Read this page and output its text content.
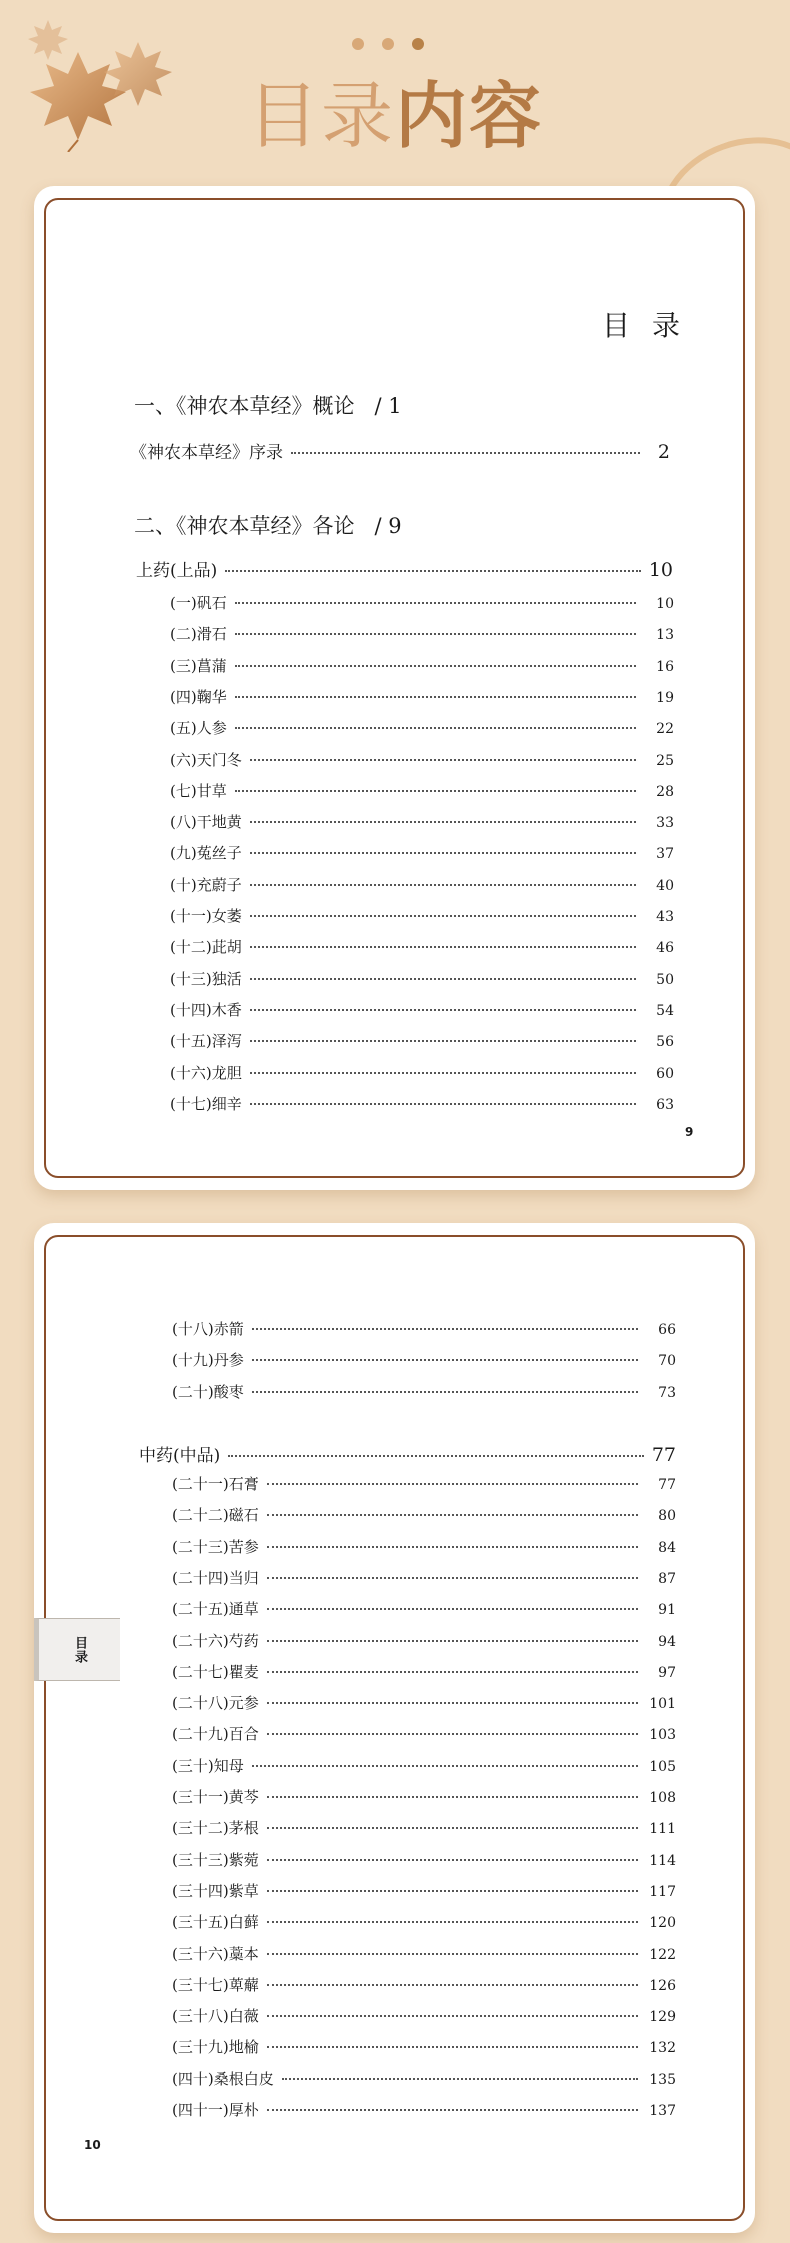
目录内容
目录
一、《神农本草经》概论 / 1
《神农本草经》序录	2
二、《神农本草经》各论 / 9
上药(上品)	10
(一)矾石	10
(二)滑石	13
(三)菖蒲	16
(四)鞠华	19
(五)人参	22
(六)天门冬	25
(七)甘草	28
(八)干地黄	33
(九)菟丝子	37
(十)充蔚子	40
(十一)女萎	43
(十二)茈胡	46
(十三)独活	50
(十四)木香	54
(十五)泽泻	56
(十六)龙胆	60
(十七)细辛	63
9
(十八)赤箭	66
(十九)丹参	70
(二十)酸枣	73
中药(中品)	77
(二十一)石膏	77
(二十二)磁石	80
(二十三)苦参	84
(二十四)当归	87
(二十五)通草	91
(二十六)芍药	94
(二十七)瞿麦	97
(二十八)元参	101
(二十九)百合	103
(三十)知母	105
(三十一)黄芩	108
(三十二)茅根	111
(三十三)紫菀	114
(三十四)紫草	117
(三十五)白藓	120
(三十六)藁本	122
(三十七)萆薢	126
(三十八)白薇	129
(三十九)地榆	132
(四十)桑根白皮	135
(四十一)厚朴	137
10
目录
